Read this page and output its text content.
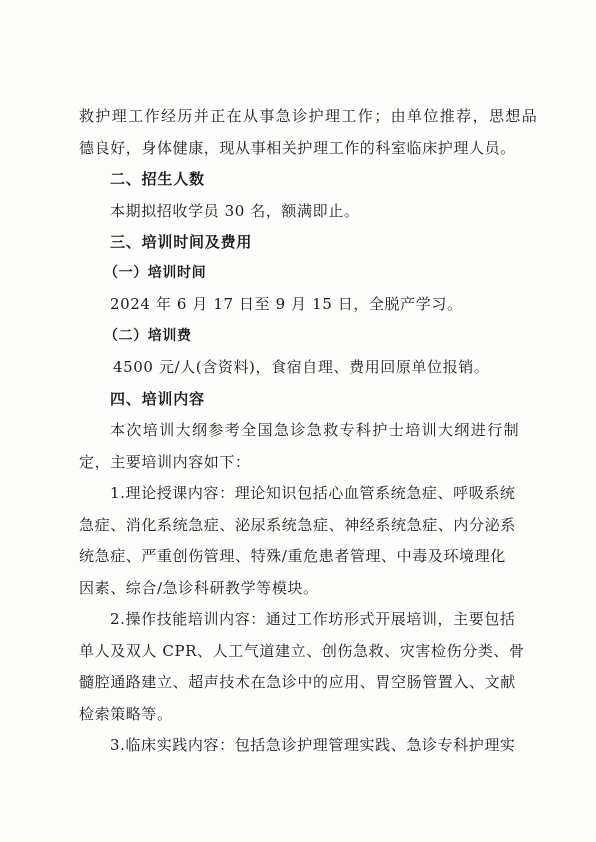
救护理工作经历并正在从事急诊护理工作；由单位推荐，思想品
德良好，身体健康，现从事相关护理工作的科室临床护理人员。
二、招生人数
本期拟招收学员 30 名，额满即止。
三、培训时间及费用
（一）培训时间
2024 年 6 月 17 日至 9 月 15 日，全脱产学习。
（二）培训费
4500 元/人(含资料)，食宿自理、费用回原单位报销。
四、培训内容
本次培训大纲参考全国急诊急救专科护士培训大纲进行制
定，主要培训内容如下：
1.理论授课内容：理论知识包括心血管系统急症、呼吸系统
急症、消化系统急症、泌尿系统急症、神经系统急症、内分泌系
统急症、严重创伤管理、特殊/重危患者管理、中毒及环境理化
因素、综合/急诊科研教学等模块。
2.操作技能培训内容：通过工作坊形式开展培训，主要包括
单人及双人 CPR、人工气道建立、创伤急救、灾害检伤分类、骨
髓腔通路建立、超声技术在急诊中的应用、胃空肠管置入、文献
检索策略等。
3.临床实践内容：包括急诊护理管理实践、急诊专科护理实
